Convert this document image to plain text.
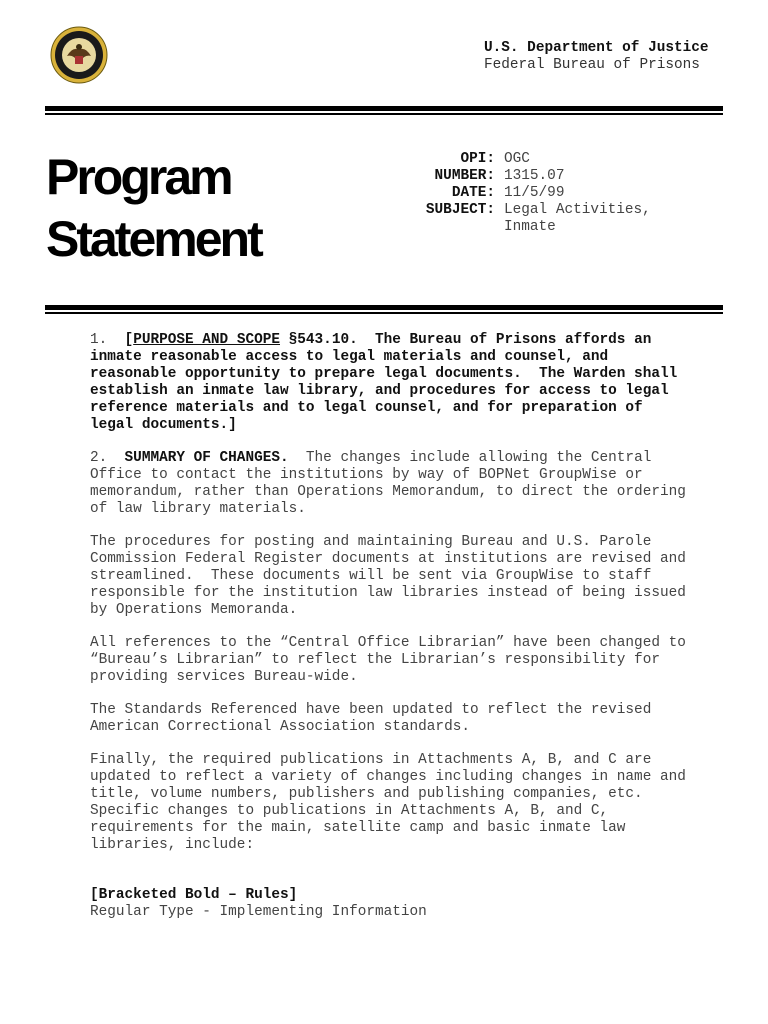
U.S. Department of Justice
Federal Bureau of Prisons
Program
Statement
OPI: OGC
NUMBER: 1315.07
DATE: 11/5/99
SUBJECT: Legal Activities,
Inmate

1.  [PURPOSE AND SCOPE §543.10.  The Bureau of Prisons affords an inmate reasonable access to legal materials and counsel, and reasonable opportunity to prepare legal documents.  The Warden shall establish an inmate law library, and procedures for access to legal reference materials and to legal counsel, and for preparation of legal documents.]

2.  SUMMARY OF CHANGES.  The changes include allowing the Central Office to contact the institutions by way of BOPNet GroupWise or memorandum, rather than Operations Memorandum, to direct the ordering of law library materials.

The procedures for posting and maintaining Bureau and U.S. Parole Commission Federal Register documents at institutions are revised and streamlined.  These documents will be sent via GroupWise to staff responsible for the institution law libraries instead of being issued by Operations Memoranda.

All references to the “Central Office Librarian” have been changed to “Bureau’s Librarian” to reflect the Librarian’s responsibility for providing services Bureau-wide.

The Standards Referenced have been updated to reflect the revised American Correctional Association standards.

Finally, the required publications in Attachments A, B, and C are updated to reflect a variety of changes including changes in name and title, volume numbers, publishers and publishing companies, etc.  Specific changes to publications in Attachments A, B, and C, requirements for the main, satellite camp and basic inmate law libraries, include:

[Bracketed Bold – Rules]
Regular Type - Implementing Information
